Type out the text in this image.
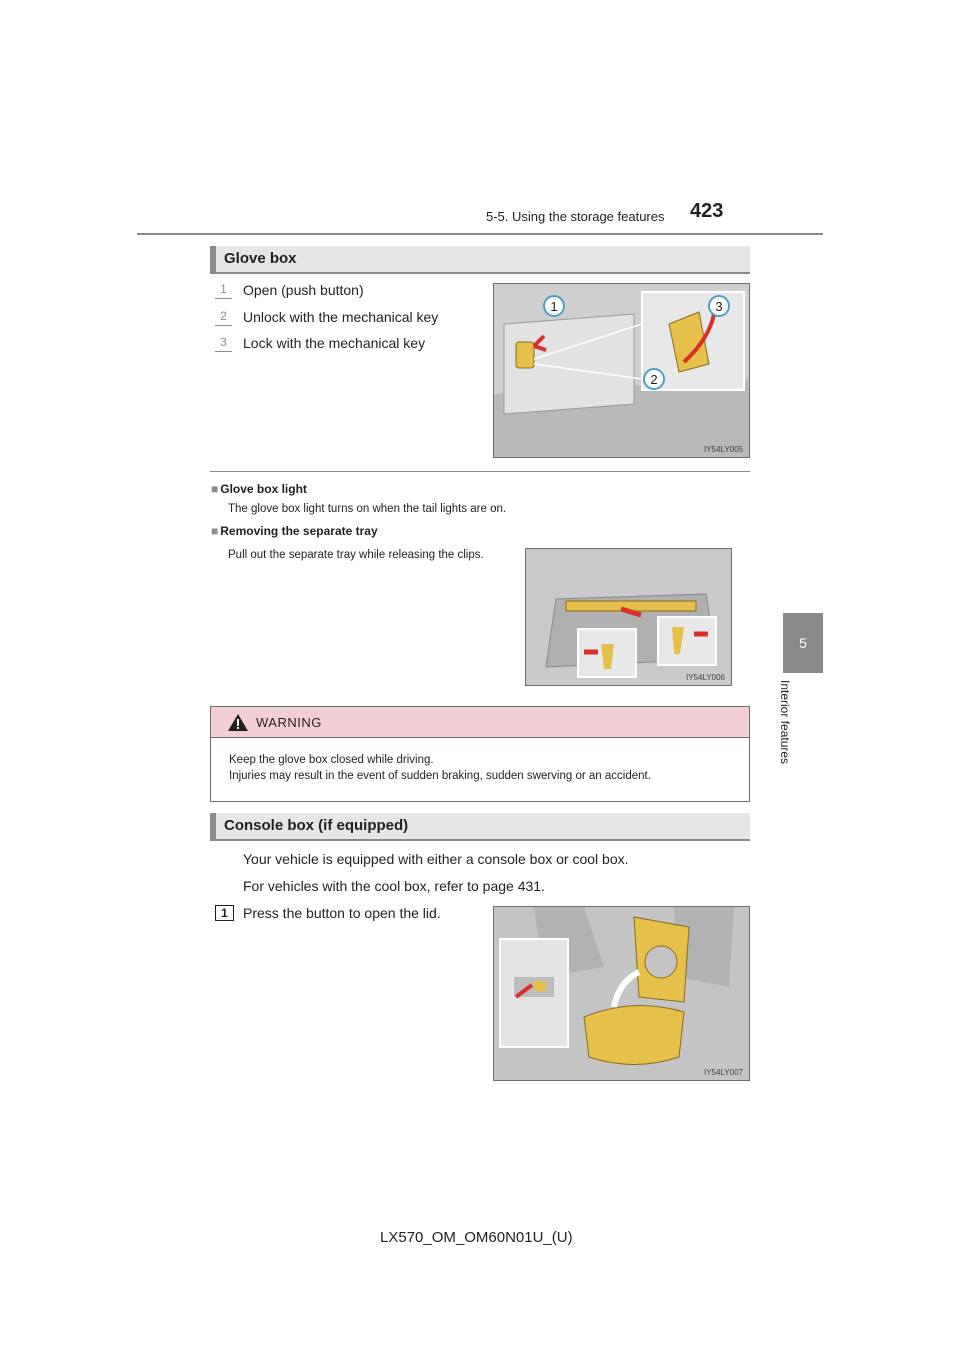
5-5. Using the storage features 423
5
Interior features
Glove box
1	Open (push button)
2	Unlock with the mechanical key
3	Lock with the mechanical key
1	3
2
IY54LY005
■ Glove box light
The glove box light turns on when the tail lights are on.
■ Removing the separate tray
Pull out the separate tray while releasing the clips.
IY54LY006
WARNING
Keep the glove box closed while driving.
Injuries may result in the event of sudden braking, sudden swerving or an accident.
Console box (if equipped)
Your vehicle is equipped with either a console box or cool box.
For vehicles with the cool box, refer to page 431.
1	Press the button to open the lid.
IY54LY007
LX570_OM_OM60N01U_(U)
